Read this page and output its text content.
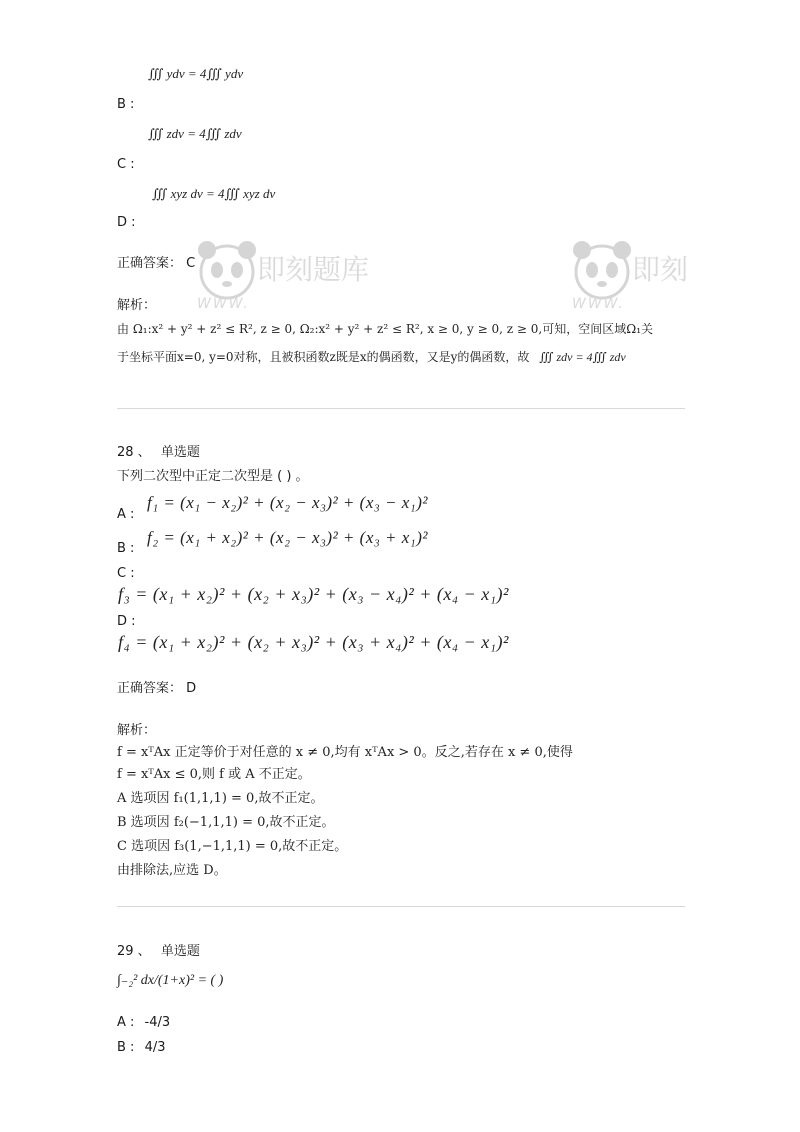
∭ ydv = 4∭ ydv
B :
∭ zdv = 4∭ zdv
C :
∭ xyz dv = 4∭ xyz dv
D :
正确答案： C
解析：
由 Ω₁:x² + y² + z² ≤ R², z ≥ 0, Ω₂:x² + y² + z² ≤ R², x ≥ 0, y ≥ 0, z ≥ 0,可知，空间区域Ω₁关
于坐标平面x=0, y=0对称，且被积函数z既是x的偶函数，又是y的偶函数，故 ∭ zdv = 4∭ zdv
28 、 单选题
下列二次型中正定二次型是 ( ) 。
A :
f₁ = (x₁ − x₂)² + (x₂ − x₃)² + (x₃ − x₁)²
B :
f₂ = (x₁ + x₂)² + (x₂ − x₃)² + (x₃ + x₁)²
C :
f₃ = (x₁ + x₂)² + (x₂ + x₃)² + (x₃ − x₄)² + (x₄ − x₁)²
D :
f₄ = (x₁ + x₂)² + (x₂ + x₃)² + (x₃ + x₄)² + (x₄ − x₁)²
正确答案： D
解析：
f = xᵀAx 正定等价于对任意的 x ≠ 0,均有 xᵀAx > 0。反之,若存在 x ≠ 0,使得
f = xᵀAx ≤ 0,则 f 或 A 不正定。
A 选项因 f₁(1,1,1) = 0,故不正定。
B 选项因 f₂(−1,1,1) = 0,故不正定。
C 选项因 f₃(1,−1,1,1) = 0,故不正定。
由排除法,应选 D。
29 、 单选题
∫₋₂² dx/(1+x)² = ( )
A : -4/3
B : 4/3
即刻题库
WWW.
即刻
WWW.
